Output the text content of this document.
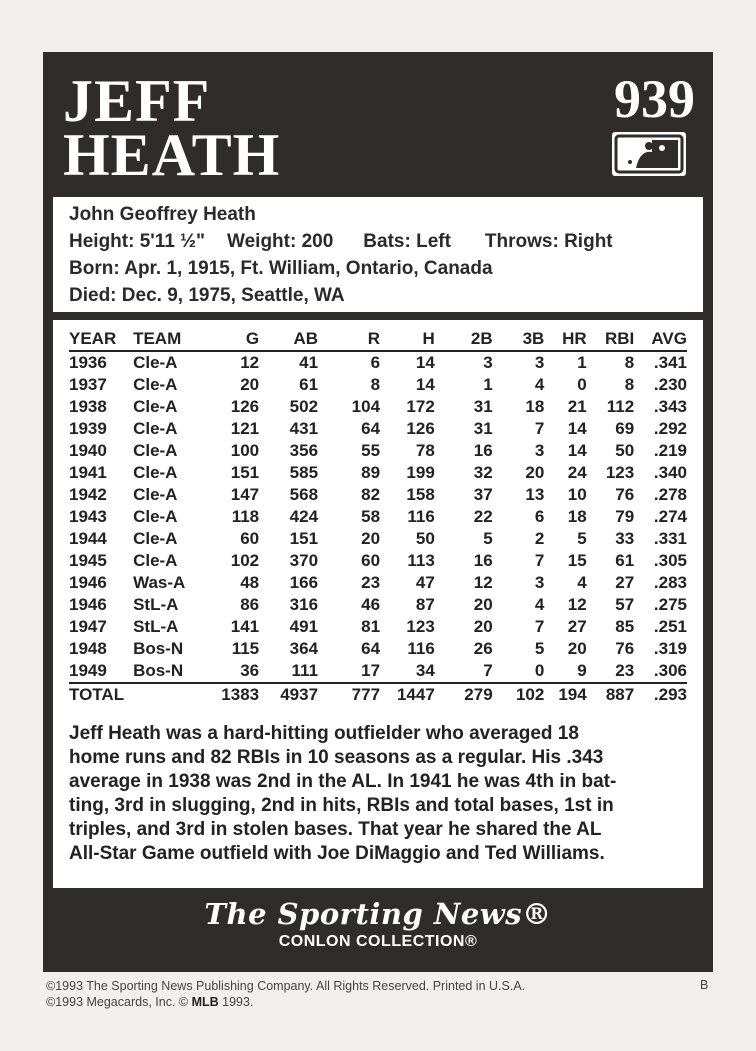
JEFF
HEATH
939
John Geoffrey Heath
Height: 5'11 ½" Weight: 200 Bats: Left Throws: Right
Born: Apr. 1, 1915, Ft. William, Ontario, Canada
Died: Dec. 9, 1975, Seattle, WA
YEAR	TEAM	G	AB	R	H	2B	3B	HR	RBI	AVG
1936	Cle-A	12	41	6	14	3	3	1	8	.341
1937	Cle-A	20	61	8	14	1	4	0	8	.230
1938	Cle-A	126	502	104	172	31	18	21	112	.343
1939	Cle-A	121	431	64	126	31	7	14	69	.292
1940	Cle-A	100	356	55	78	16	3	14	50	.219
1941	Cle-A	151	585	89	199	32	20	24	123	.340
1942	Cle-A	147	568	82	158	37	13	10	76	.278
1943	Cle-A	118	424	58	116	22	6	18	79	.274
1944	Cle-A	60	151	20	50	5	2	5	33	.331
1945	Cle-A	102	370	60	113	16	7	15	61	.305
1946	Was-A	48	166	23	47	12	3	4	27	.283
1946	StL-A	86	316	46	87	20	4	12	57	.275
1947	StL-A	141	491	81	123	20	7	27	85	.251
1948	Bos-N	115	364	64	116	26	5	20	76	.319
1949	Bos-N	36	111	17	34	7	0	9	23	.306
TOTAL		1383	4937	777	1447	279	102	194	887	.293
Jeff Heath was a hard-hitting outfielder who averaged 18
home runs and 82 RBIs in 10 seasons as a regular. His .343
average in 1938 was 2nd in the AL. In 1941 he was 4th in bat-
ting, 3rd in slugging, 2nd in hits, RBIs and total bases, 1st in
triples, and 3rd in stolen bases. That year he shared the AL
All-Star Game outfield with Joe DiMaggio and Ted Williams.
The Sporting News®
CONLON COLLECTION®
©1993 The Sporting News Publishing Company. All Rights Reserved. Printed in U.S.A.
©1993 Megacards, Inc. © MLB 1993.
B
